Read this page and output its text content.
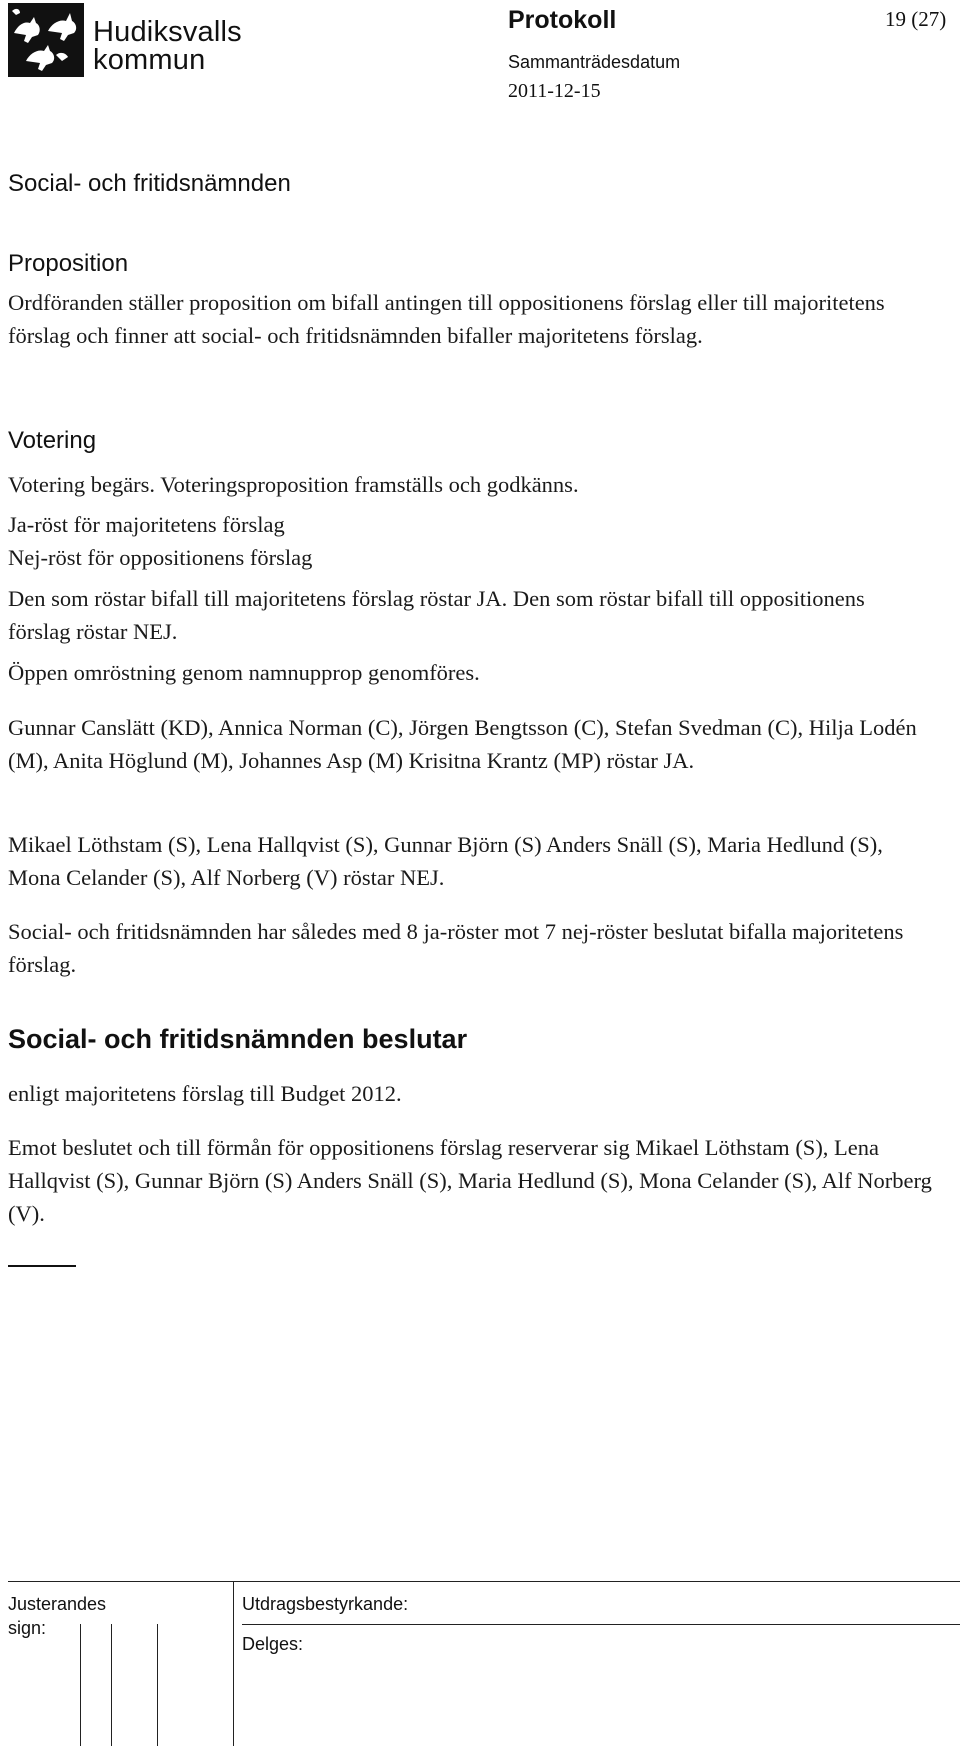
Hudiksvalls
kommun
Protokoll	19 (27)
Sammanträdesdatum
2011-12-15
Social- och fritidsnämnden
Proposition

Ordföranden ställer proposition om bifall antingen till oppositionens förslag eller till majoritetens förslag och finner att social- och fritidsnämnden bifaller majoritetens förslag.

Votering

Votering begärs. Voteringsproposition framställs och godkänns.

Ja-röst för majoritetens förslag

Nej-röst för oppositionens förslag

Den som röstar bifall till majoritetens förslag röstar JA. Den som röstar bifall till oppositionens förslag röstar NEJ.

Öppen omröstning genom namnupprop genomföres.

Gunnar Canslätt (KD), Annica Norman (C), Jörgen Bengtsson (C), Stefan Svedman (C), Hilja Lodén (M), Anita Höglund (M), Johannes Asp (M) Krisitna Krantz (MP) röstar JA.

Mikael Löthstam (S), Lena Hallqvist (S), Gunnar Björn (S) Anders Snäll (S), Maria Hedlund (S), Mona Celander (S), Alf Norberg (V) röstar NEJ.

Social- och fritidsnämnden har således med 8 ja-röster mot 7 nej-röster beslutat bifalla majoritetens förslag.

Social- och fritidsnämnden beslutar

enligt majoritetens förslag till Budget 2012.

Emot beslutet och till förmån för oppositionens förslag reserverar sig Mikael Löthstam (S), Lena Hallqvist (S), Gunnar Björn (S) Anders Snäll (S), Maria Hedlund (S), Mona Celander (S), Alf Norberg (V).

Justerandes sign:
Utdragsbestyrkande:
Delges:
